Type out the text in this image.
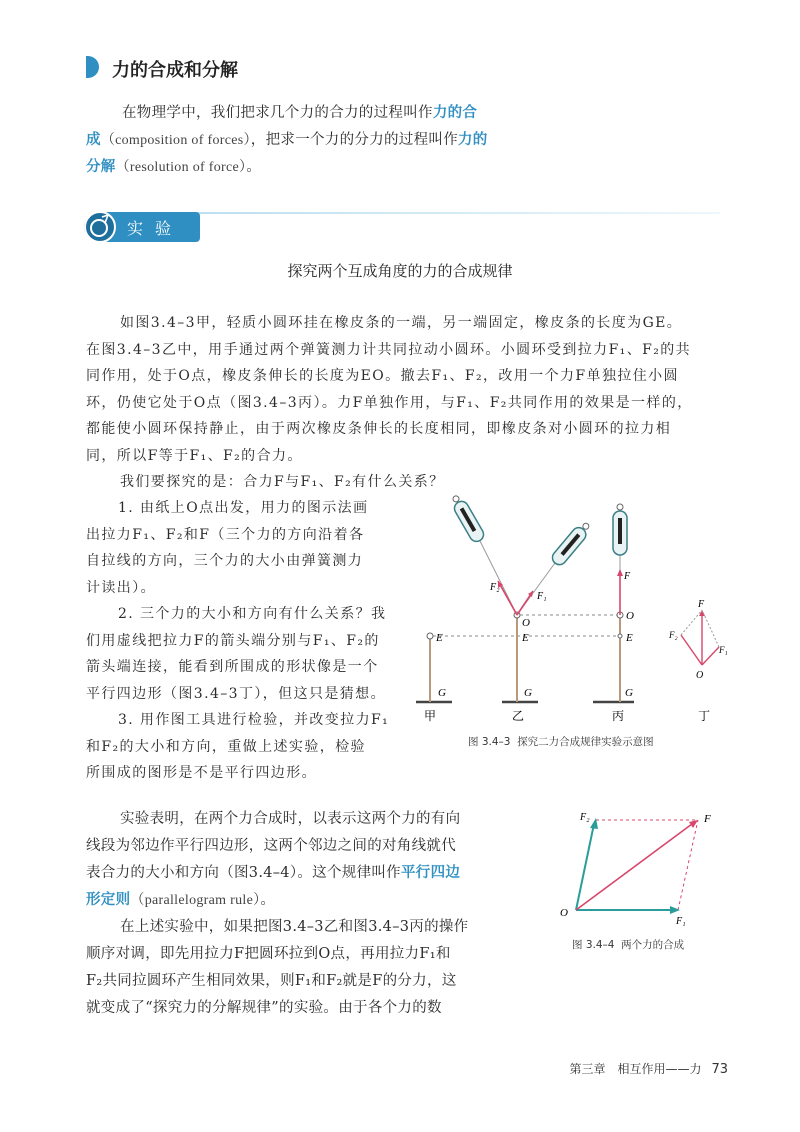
力的合成和分解
在物理学中，我们把求几个力的合力的过程叫作力的合
成（composition of forces），把求一个力的分力的过程叫作力的
分解（resolution of force）。
实验
探究两个互成角度的力的合成规律
如图3.4–3甲，轻质小圆环挂在橡皮条的一端，另一端固定，橡皮条的长度为GE。
在图3.4–3乙中，用手通过两个弹簧测力计共同拉动小圆环。小圆环受到拉力F₁、F₂的共
同作用，处于O点，橡皮条伸长的长度为EO。撤去F₁、F₂，改用一个力F单独拉住小圆
环，仍使它处于O点（图3.4–3丙）。力F单独作用，与F₁、F₂共同作用的效果是一样的，
都能使小圆环保持静止，由于两次橡皮条伸长的长度相同，即橡皮条对小圆环的拉力相
同，所以F等于F₁、F₂的合力。
我们要探究的是：合力F与F₁、F₂有什么关系？
1. 由纸上O点出发，用力的图示法画
出拉力F₁、F₂和F（三个力的方向沿着各
自拉线的方向，三个力的大小由弹簧测力
计读出）。
2. 三个力的大小和方向有什么关系？我
们用虚线把拉力F的箭头端分别与F₁、F₂的
箭头端连接，能看到所围成的形状像是一个
平行四边形（图3.4–3丁），但这只是猜想。
3. 用作图工具进行检验，并改变拉力F₁
和F₂的大小和方向，重做上述实验，检验
所围成的图形是不是平行四边形。
E
G
F₂
F₁
O
E
G
F
O
E
G
F
F₂
F₁
O
甲	乙	丙	丁
图 3.4–3 探究二力合成规律实验示意图
实验表明，在两个力合成时，以表示这两个力的有向
线段为邻边作平行四边形，这两个邻边之间的对角线就代
表合力的大小和方向（图3.4–4）。这个规律叫作平行四边
形定则（parallelogram rule）。
在上述实验中，如果把图3.4–3乙和图3.4–3丙的操作
顺序对调，即先用拉力F把圆环拉到O点，再用拉力F₁和
F₂共同拉圆环产生相同效果，则F₁和F₂就是F的分力，这
就变成了“探究力的分解规律”的实验。由于各个力的数
O
F₂	F
F₁
图 3.4–4 两个力的合成
第三章　相互作用——力 73
